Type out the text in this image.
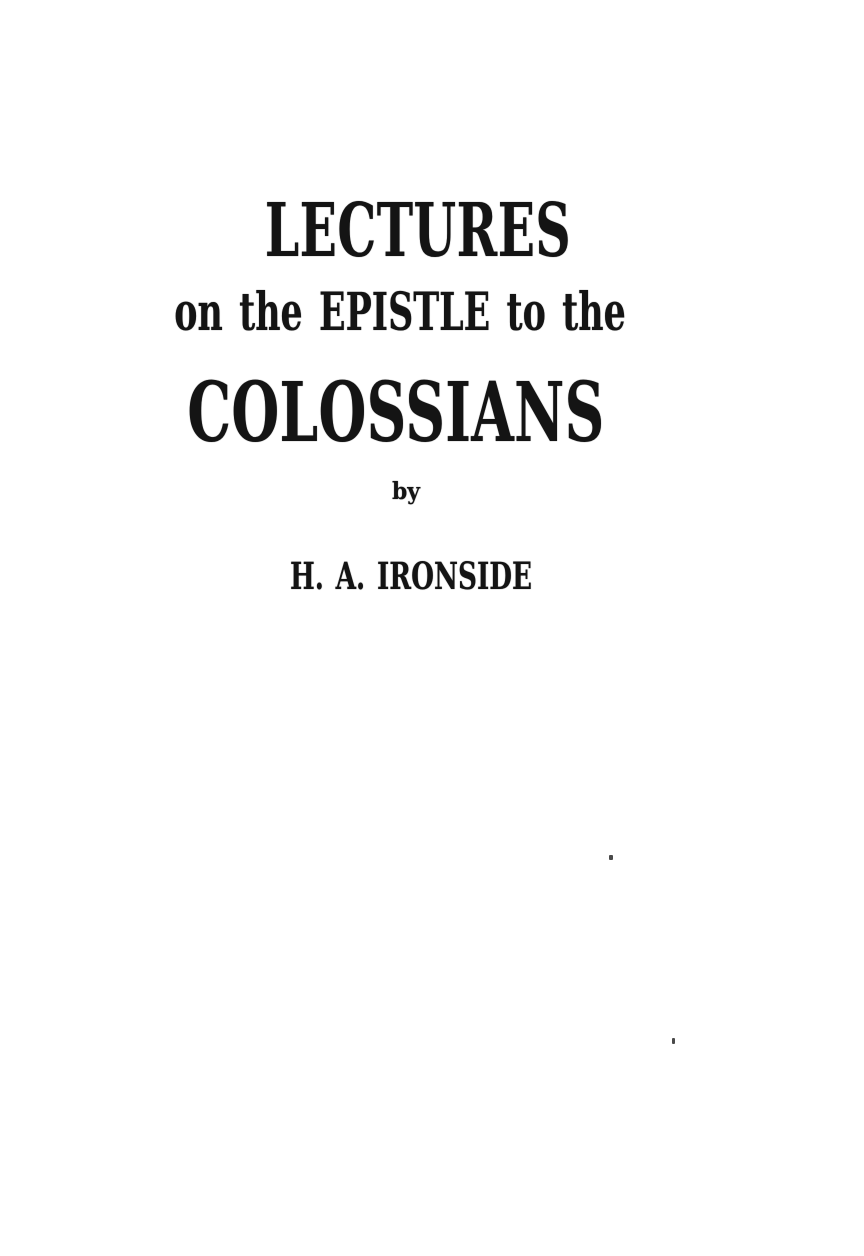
LECTURES
on the EPISTLE to the
COLOSSIANS
by
H. A. IRONSIDE
